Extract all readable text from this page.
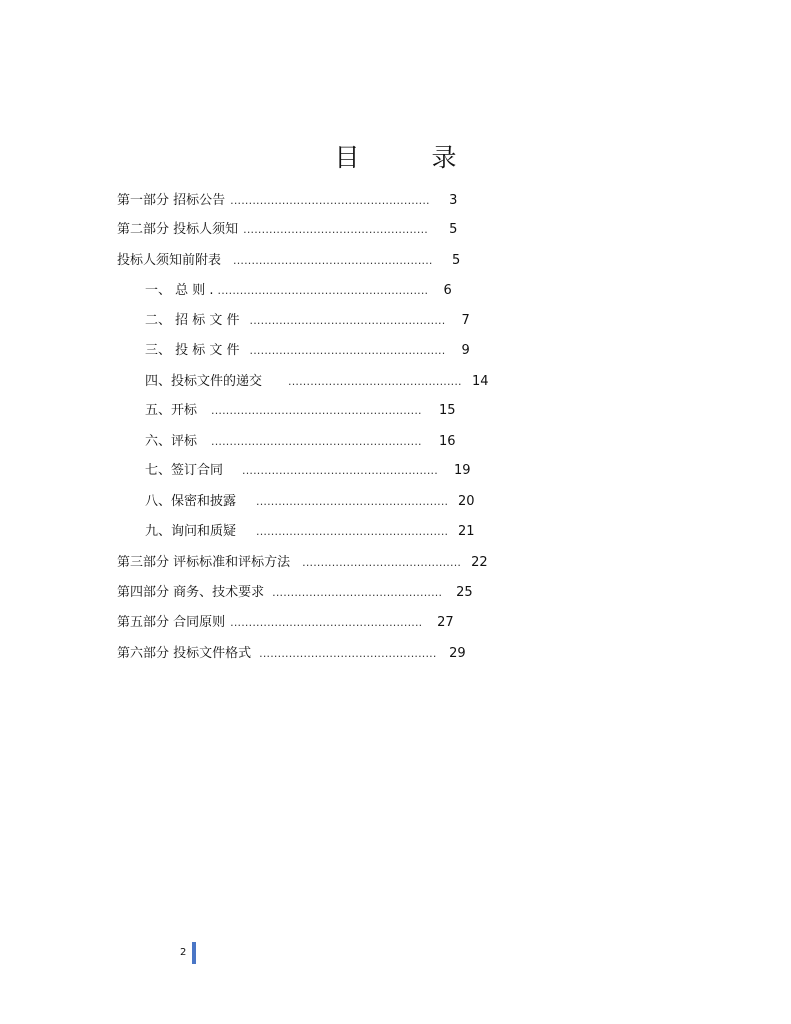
目	录
第一部分 招标公告 ......................................................	3
第二部分 投标人须知 ..................................................	5
投标人须知前附表 ......................................................	5
一、 总 则 . .........................................................	6
二、 招 标 文 件 .....................................................	7
三、 投 标 文 件 .....................................................	9
四、投标文件的递交 ............................................... 14
五、开标 .........................................................	15
六、评标 .........................................................	16
七、签订合同 .....................................................	19
八、保密和披露 .................................................... 20
九、询问和质疑 .................................................... 21
第三部分 评标标准和评标方法 ........................................... 22
第四部分 商务、技术要求 ..............................................	25
第五部分 合同原则 ....................................................	27
第六部分 投标文件格式 ................................................ 29
2
